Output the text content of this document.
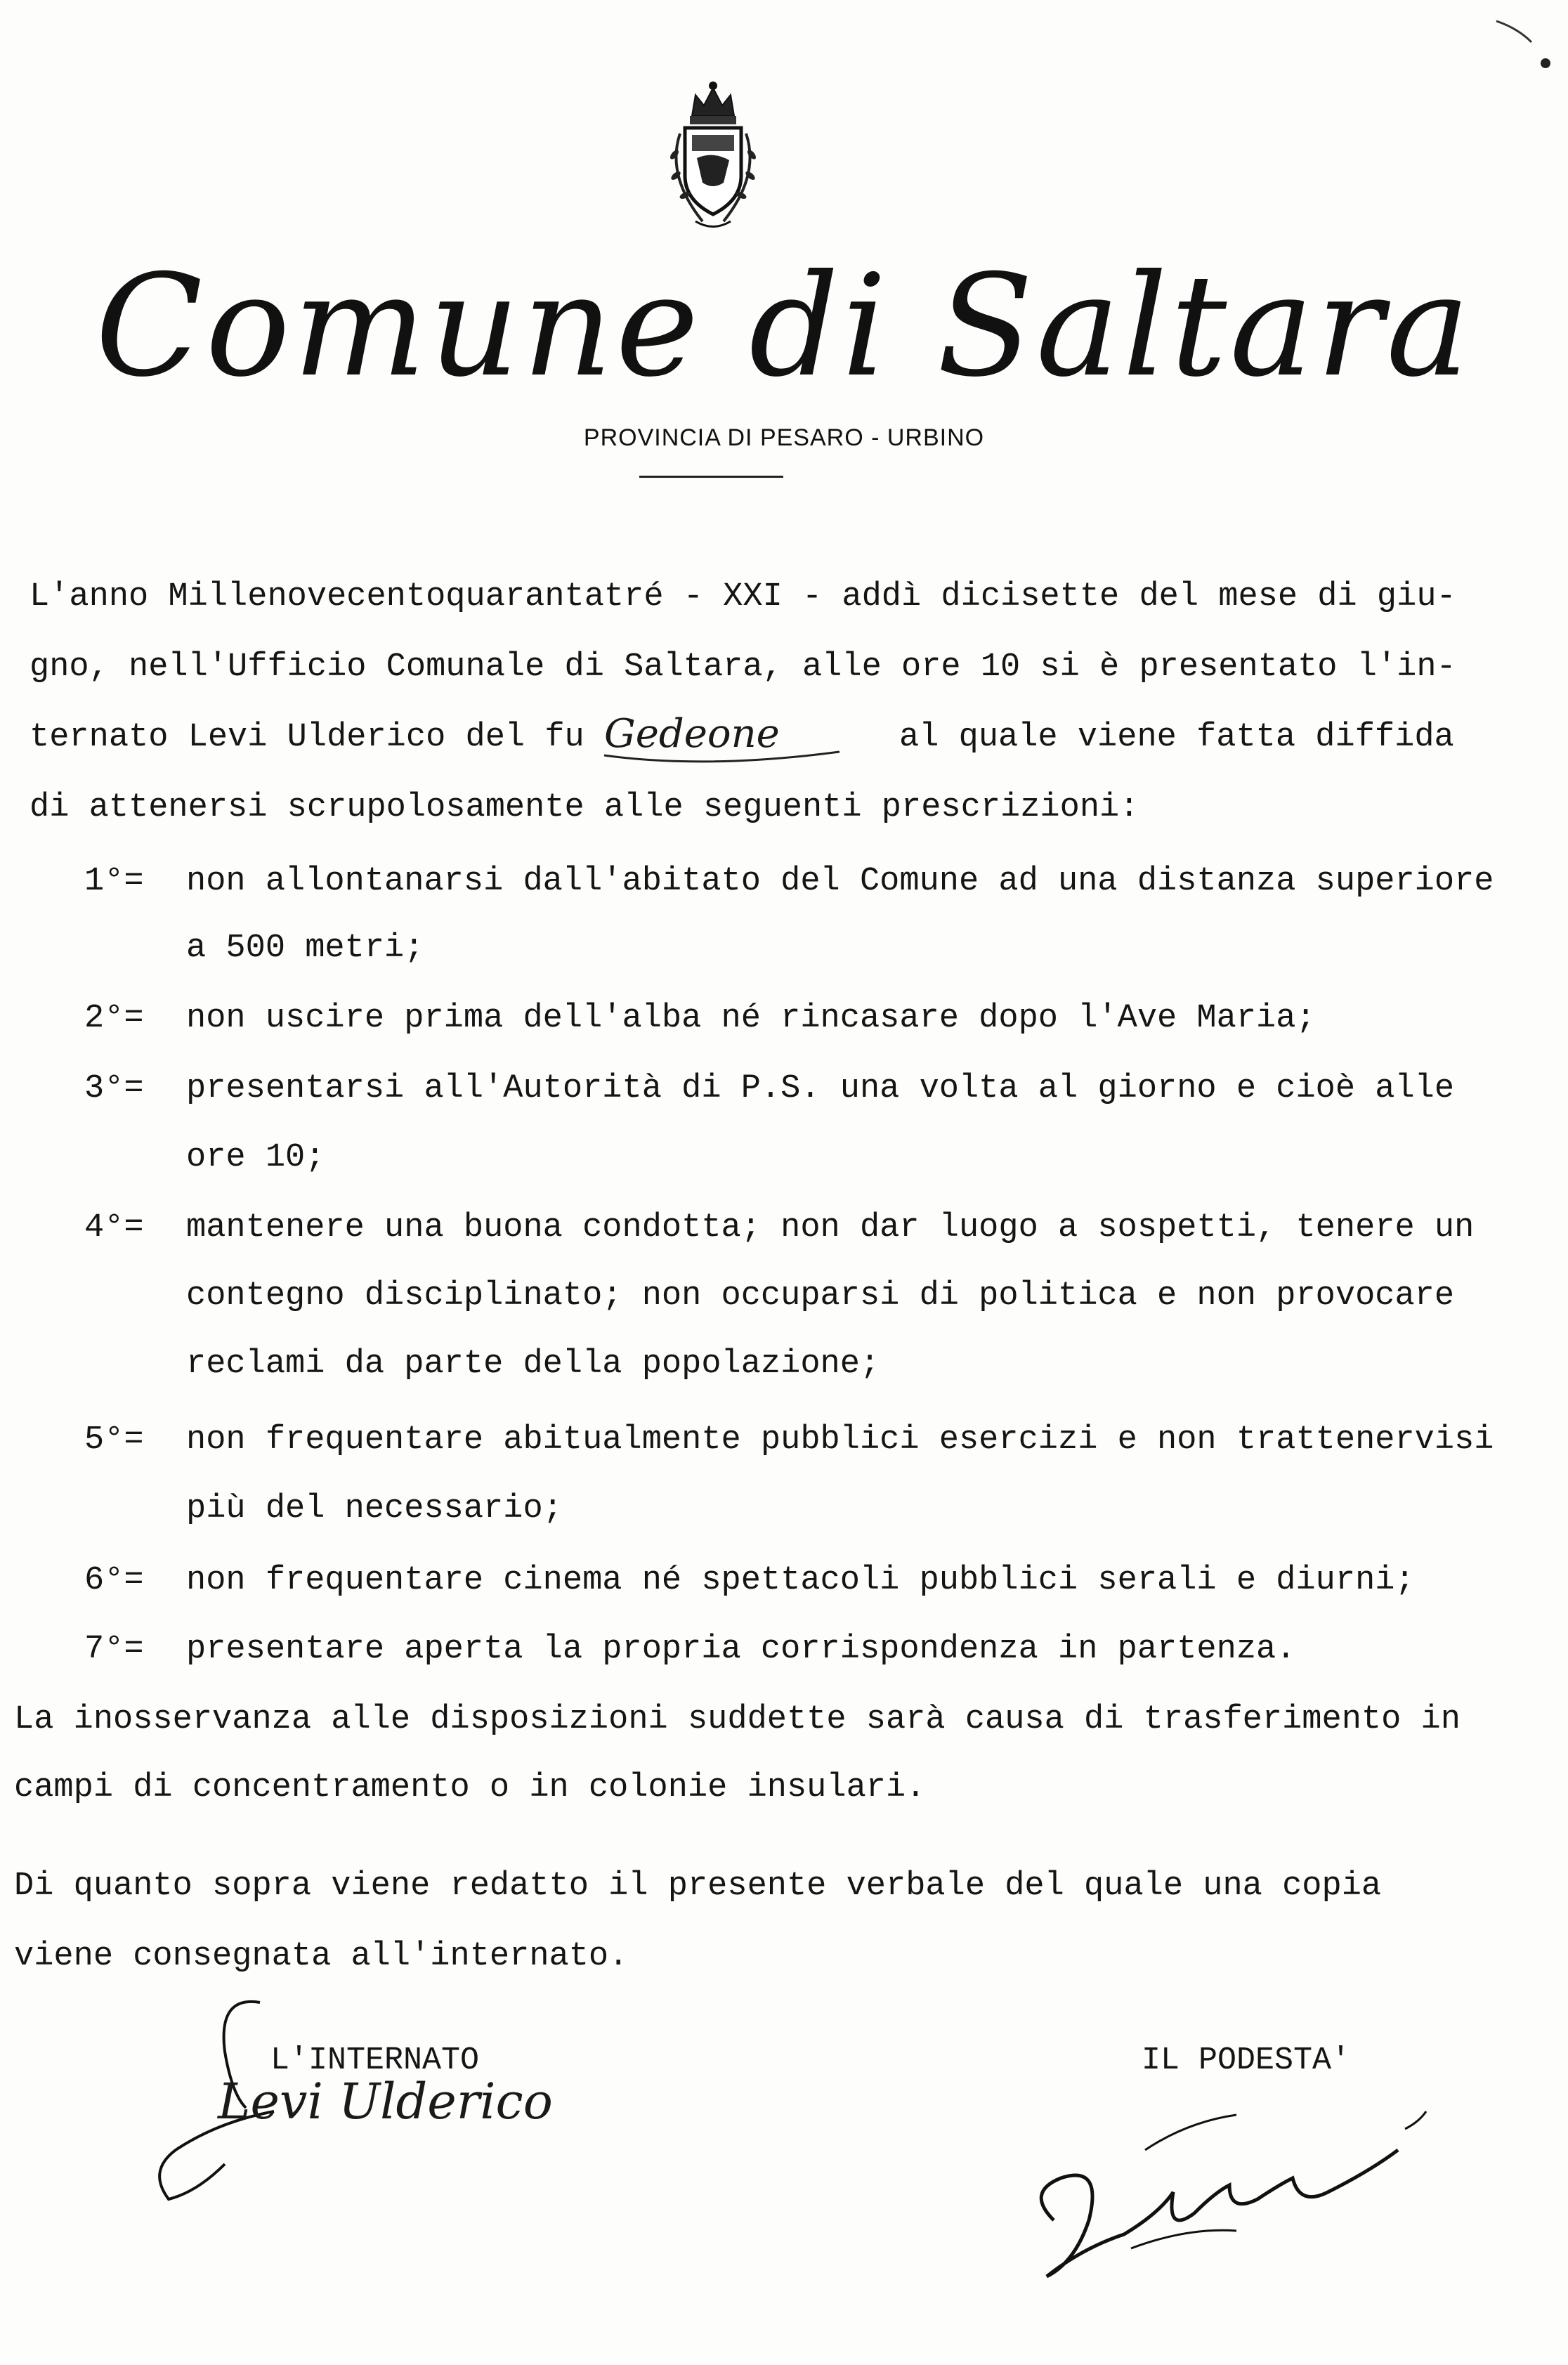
Comune di Saltara
PROVINCIA DI PESARO - URBINO
L'anno Millenovecentoquarantatré - XXI - addì dicisette del mese di giu-
gno, nell'Ufficio Comunale di Saltara, alle ore 10 si è presentato l'in-
ternato Levi Ulderico del fu Gedeone	al quale viene fatta diffida
di attenersi scrupolosamente alle seguenti prescrizioni:
1°= non allontanarsi dall'abitato del Comune ad una distanza superiore
a 500 metri;
2°= non uscire prima dell'alba né rincasare dopo l'Ave Maria;
3°= presentarsi all'Autorità di P.S. una volta al giorno e cioè alle
ore 10;
4°= mantenere una buona condotta; non dar luogo a sospetti, tenere un
contegno disciplinato; non occuparsi di politica e non provocare
reclami da parte della popolazione;
5°= non frequentare abitualmente pubblici esercizi e non trattenervisi
più del necessario;
6°= non frequentare cinema né spettacoli pubblici serali e diurni;
7°= presentare aperta la propria corrispondenza in partenza.
La inosservanza alle disposizioni suddette sarà causa di trasferimento in
campi di concentramento o in colonie insulari.
Di quanto sopra viene redatto il presente verbale del quale una copia
viene consegnata all'internato.
L'INTERNATO
Levi Ulderico
IL PODESTA'
